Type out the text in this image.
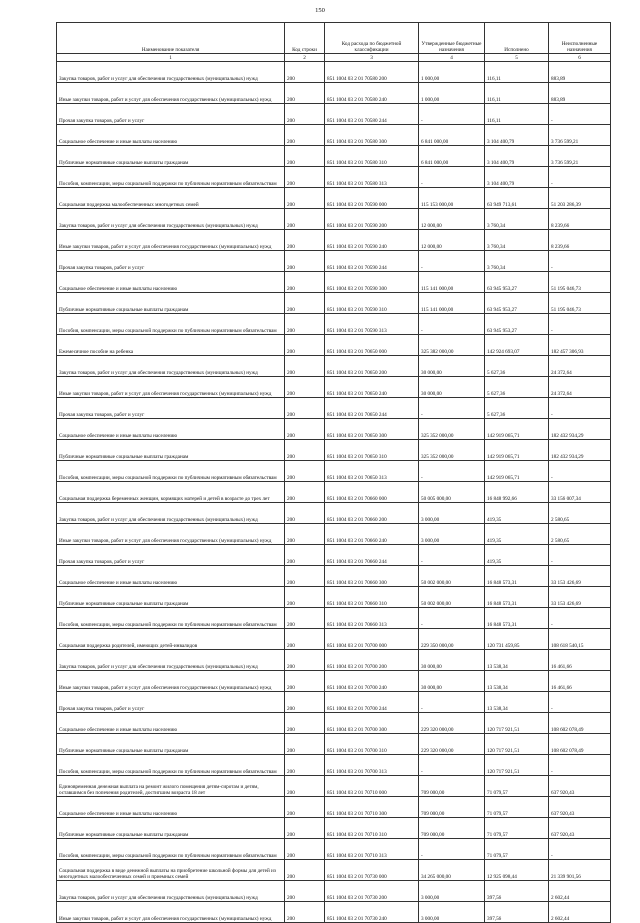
150
Наименование показателя	Код строки	Код расхода по бюджетной классификации	Утвержденные бюджетные назначения	Исполнено	Неисполненные назначения
1	2	3	4	5	6
Закупка товаров, работ и услуг для обеспечения государственных (муниципальных) нужд	200	851 1004 03 2 01 70580 200	1 000,00	116,11	883,89
Иные закупки товаров, работ и услуг для обеспечения государственных (муниципальных) нужд	200	851 1004 03 2 01 70580 240	1 000,00	116,11	883,89
Прочая закупка товаров, работ и услуг	200	851 1004 03 2 01 70580 244	-	116,11	-
Социальное обеспечение и иные выплаты населению	200	851 1004 03 2 01 70580 300	6 841 000,00	3 104 400,79	3 736 599,21
Публичные нормативные социальные выплаты гражданам	200	851 1004 03 2 01 70580 310	6 841 000,00	3 104 400,79	3 736 599,21
Пособия, компенсации, меры социальной поддержки по публичным нормативным обязательствам	200	851 1004 03 2 01 70580 313	-	3 104 400,79	-
Социальная поддержка малообеспеченных многодетных семей	200	851 1004 03 2 01 70590 000	115 153 000,00	63 949 713,61	51 203 286,39
Закупка товаров, работ и услуг для обеспечения государственных (муниципальных) нужд	200	851 1004 03 2 01 70590 200	12 000,00	3 760,34	8 239,66
Иные закупки товаров, работ и услуг для обеспечения государственных (муниципальных) нужд	200	851 1004 03 2 01 70590 240	12 000,00	3 760,34	8 239,66
Прочая закупка товаров, работ и услуг	200	851 1004 03 2 01 70590 244	-	3 760,34	-
Социальное обеспечение и иные выплаты населению	200	851 1004 03 2 01 70590 300	115 141 000,00	63 945 953,27	51 195 046,73
Публичные нормативные социальные выплаты гражданам	200	851 1004 03 2 01 70590 310	115 141 000,00	63 945 953,27	51 195 046,73
Пособия, компенсации, меры социальной поддержки по публичным нормативным обязательствам	200	851 1004 03 2 01 70590 313	-	63 945 953,27	-
Ежемесячное пособие на ребенка	200	851 1004 03 2 01 70650 000	325 382 000,00	142 924 693,07	182 457 306,93
Закупка товаров, работ и услуг для обеспечения государственных (муниципальных) нужд	200	851 1004 03 2 01 70650 200	30 000,00	5 627,36	24 372,64
Иные закупки товаров, работ и услуг для обеспечения государственных (муниципальных) нужд	200	851 1004 03 2 01 70650 240	30 000,00	5 627,36	24 372,64
Прочая закупка товаров, работ и услуг	200	851 1004 03 2 01 70650 244	-	5 627,36	-
Социальное обеспечение и иные выплаты населению	200	851 1004 03 2 01 70650 300	325 352 000,00	142 919 065,71	182 432 934,29
Публичные нормативные социальные выплаты гражданам	200	851 1004 03 2 01 70650 310	325 352 000,00	142 919 065,71	182 432 934,29
Пособия, компенсации, меры социальной поддержки по публичным нормативным обязательствам	200	851 1004 03 2 01 70650 313	-	142 919 065,71	-
Социальная поддержка беременных женщин, кормящих матерей и детей в возрасте до трех лет	200	851 1004 03 2 01 70660 000	50 005 000,00	16 848 992,66	33 156 007,34
Закупка товаров, работ и услуг для обеспечения государственных (муниципальных) нужд	200	851 1004 03 2 01 70660 200	3 000,00	419,35	2 580,65
Иные закупки товаров, работ и услуг для обеспечения государственных (муниципальных) нужд	200	851 1004 03 2 01 70660 240	3 000,00	419,35	2 580,65
Прочая закупка товаров, работ и услуг	200	851 1004 03 2 01 70660 244	-	419,35	-
Социальное обеспечение и иные выплаты населению	200	851 1004 03 2 01 70660 300	50 002 000,00	16 848 573,31	33 153 426,69
Публичные нормативные социальные выплаты гражданам	200	851 1004 03 2 01 70660 310	50 002 000,00	16 848 573,31	33 153 426,69
Пособия, компенсации, меры социальной поддержки по публичным нормативным обязательствам	200	851 1004 03 2 01 70660 313	-	16 848 573,31	-
Социальная поддержка родителей, имеющих детей-инвалидов	200	851 1004 03 2 01 70700 000	229 350 000,00	120 731 459,85	108 618 540,15
Закупка товаров, работ и услуг для обеспечения государственных (муниципальных) нужд	200	851 1004 03 2 01 70700 200	30 000,00	13 538,34	16 461,66
Иные закупки товаров, работ и услуг для обеспечения государственных (муниципальных) нужд	200	851 1004 03 2 01 70700 240	30 000,00	13 538,34	16 461,66
Прочая закупка товаров, работ и услуг	200	851 1004 03 2 01 70700 244	-	13 538,34	-
Социальное обеспечение и иные выплаты населению	200	851 1004 03 2 01 70700 300	229 320 000,00	120 717 921,51	108 602 078,49
Публичные нормативные социальные выплаты гражданам	200	851 1004 03 2 01 70700 310	229 320 000,00	120 717 921,51	108 602 078,49
Пособия, компенсации, меры социальной поддержки по публичным нормативным обязательствам	200	851 1004 03 2 01 70700 313	-	120 717 921,51	-
Единовременная денежная выплата на ремонт жилого помещения детям-сиротам и детям, оставшимся без попечения родителей, достигшим возраста 18 лет	200	851 1004 03 2 01 70710 000	709 000,00	71 079,57	637 920,43
Социальное обеспечение и иные выплаты населению	200	851 1004 03 2 01 70710 300	709 000,00	71 079,57	637 920,43
Публичные нормативные социальные выплаты гражданам	200	851 1004 03 2 01 70710 310	709 000,00	71 079,57	637 920,43
Пособия, компенсации, меры социальной поддержки по публичным нормативным обязательствам	200	851 1004 03 2 01 70710 313	-	71 079,57	-
Социальная поддержка в виде денежной выплаты на приобретение школьной формы для детей из многодетных малообеспеченных семей и приемных семей	200	851 1004 03 2 01 70730 000	34 265 000,00	12 925 098,44	21 339 901,56
Закупка товаров, работ и услуг для обеспечения государственных (муниципальных) нужд	200	851 1004 03 2 01 70730 200	3 000,00	397,56	2 602,44
Иные закупки товаров, работ и услуг для обеспечения государственных (муниципальных) нужд	200	851 1004 03 2 01 70730 240	3 000,00	397,56	2 602,44
